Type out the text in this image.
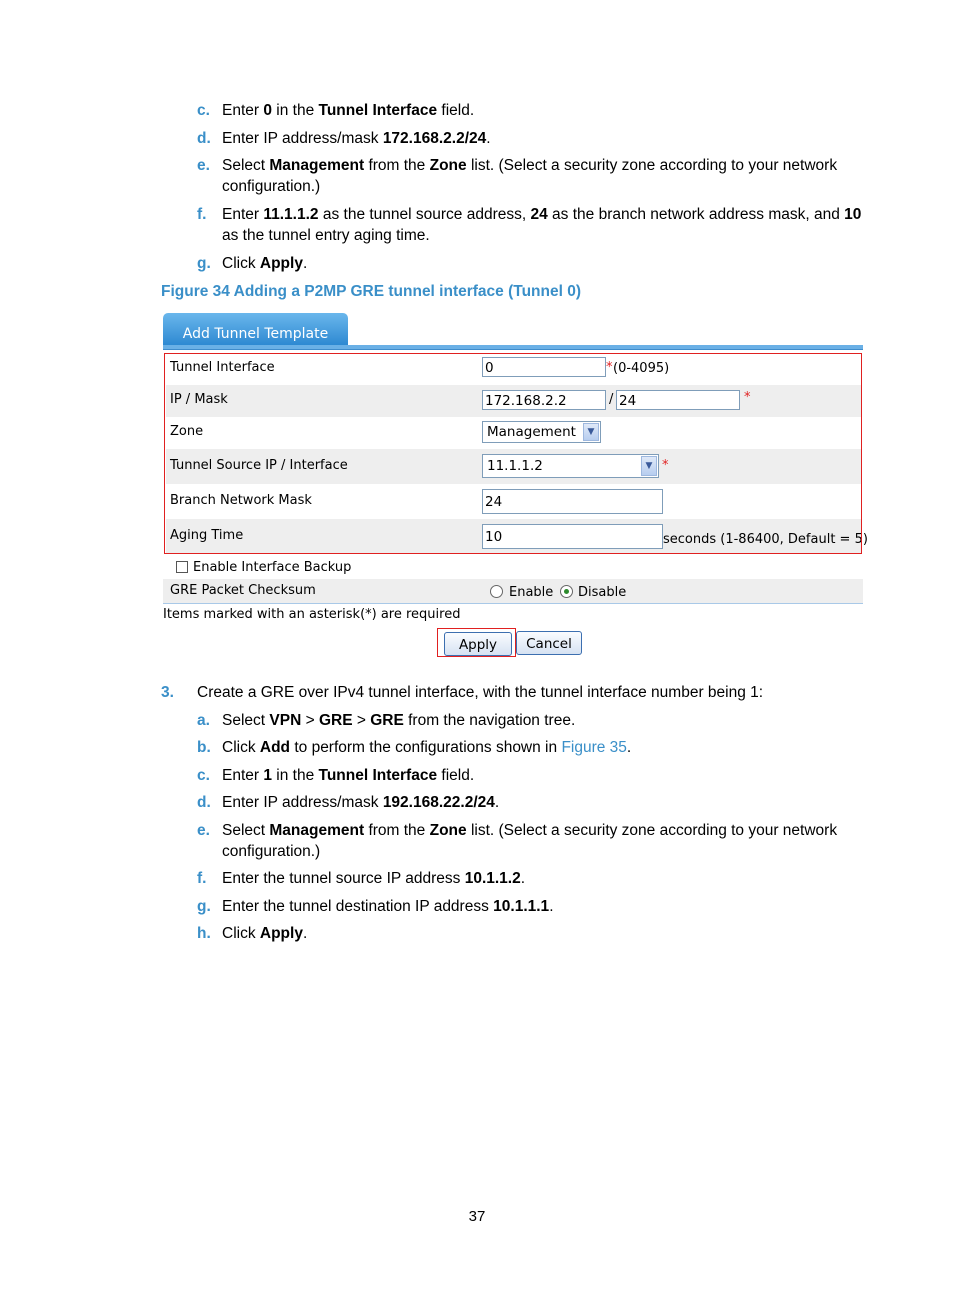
c. Enter 0 in the Tunnel Interface field.
d. Enter IP address/mask 172.168.2.2/24.
e. Select Management from the Zone list. (Select a security zone according to your network
configuration.)
f. Enter 11.1.1.2 as the tunnel source address, 24 as the branch network address mask, and 10
as the tunnel entry aging time.
g. Click Apply.
Figure 34 Adding a P2MP GRE tunnel interface (Tunnel 0)
Add Tunnel Template
Tunnel Interface	0	* (0-4095)
IP / Mask	172.168.2.2	/ 24	*
Zone	Management	▼
Tunnel Source IP / Interface	11.1.1.2	▼ *
Branch Network Mask	24
Aging Time	10	seconds (1-86400, Default = 5)
Enable Interface Backup
GRE Packet Checksum	Enable Disable
Items marked with an asterisk(*) are required
Apply	Cancel
3. Create a GRE over IPv4 tunnel interface, with the tunnel interface number being 1:
a. Select VPN > GRE > GRE from the navigation tree.
b. Click Add to perform the configurations shown in Figure 35.
c. Enter 1 in the Tunnel Interface field.
d. Enter IP address/mask 192.168.22.2/24.
e. Select Management from the Zone list. (Select a security zone according to your network
configuration.)
f. Enter the tunnel source IP address 10.1.1.2.
g. Enter the tunnel destination IP address 10.1.1.1.
h. Click Apply.
37
